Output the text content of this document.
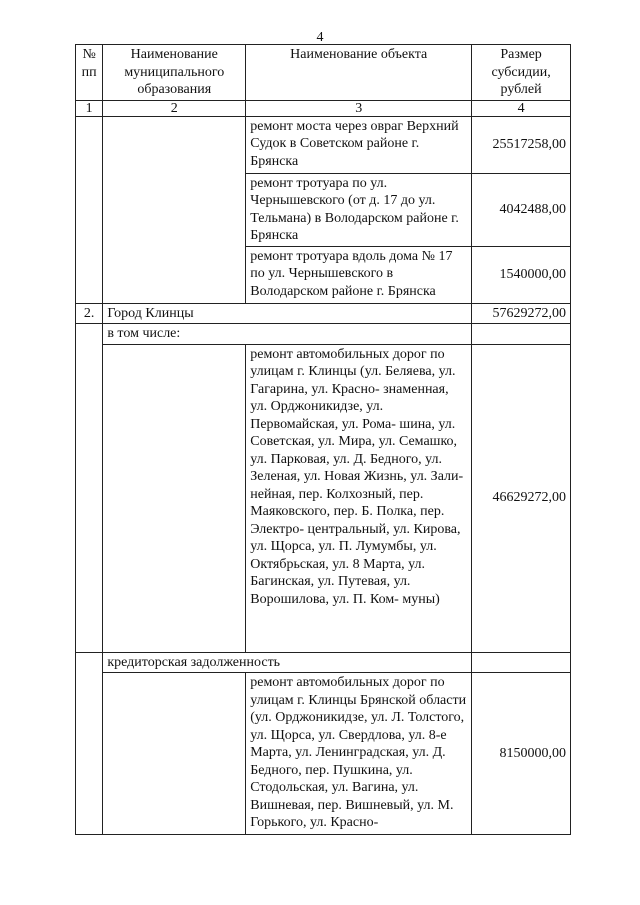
4
№ пп	Наименование муниципального образования	Наименование объекта	Размер субсидии, рублей
1	2	3	4
		ремонт моста через овраг Верхний Судок в Советском районе г. Брянска	25517258,00
		ремонт тротуара по ул. Чернышевского (от д. 17 до ул. Тельмана) в Володарском районе г. Брянска	4042488,00
		ремонт тротуара вдоль дома № 17 по ул. Чернышевского в Володарском районе г. Брянска	1540000,00
2.	Город Клинцы		57629272,00
	в том числе:		
		ремонт автомобильных дорог по улицам г. Клинцы (ул. Беляева, ул. Гагарина, ул. Красно- знаменная, ул. Орджоникидзе, ул. Первомайская, ул. Рома- шина, ул. Советская, ул. Мира, ул. Семашко, ул. Парковая, ул. Д. Бедного, ул. Зеленая, ул. Новая Жизнь, ул. Зали- нейная, пер. Колхозный, пер. Маяковского, пер. Б. Полка, пер. Электро- центральный, ул. Кирова, ул. Щорса, ул. П. Лумумбы, ул. Октябрьская, ул. 8 Марта, ул. Багинская, ул. Путевая, ул. Ворошилова, ул. П. Ком- муны)	46629272,00
	кредиторская задолженность		
		ремонт автомобильных дорог по улицам г. Клинцы Брянской области (ул. Орджоникидзе, ул. Л. Толстого, ул. Щорса, ул. Свердлова, ул. 8-е Марта, ул. Ленинградская, ул. Д. Бедного, пер. Пушкина, ул. Стодольская, ул. Вагина, ул. Вишневая, пер. Вишневый, ул. М. Горького, ул. Красно-	8150000,00
